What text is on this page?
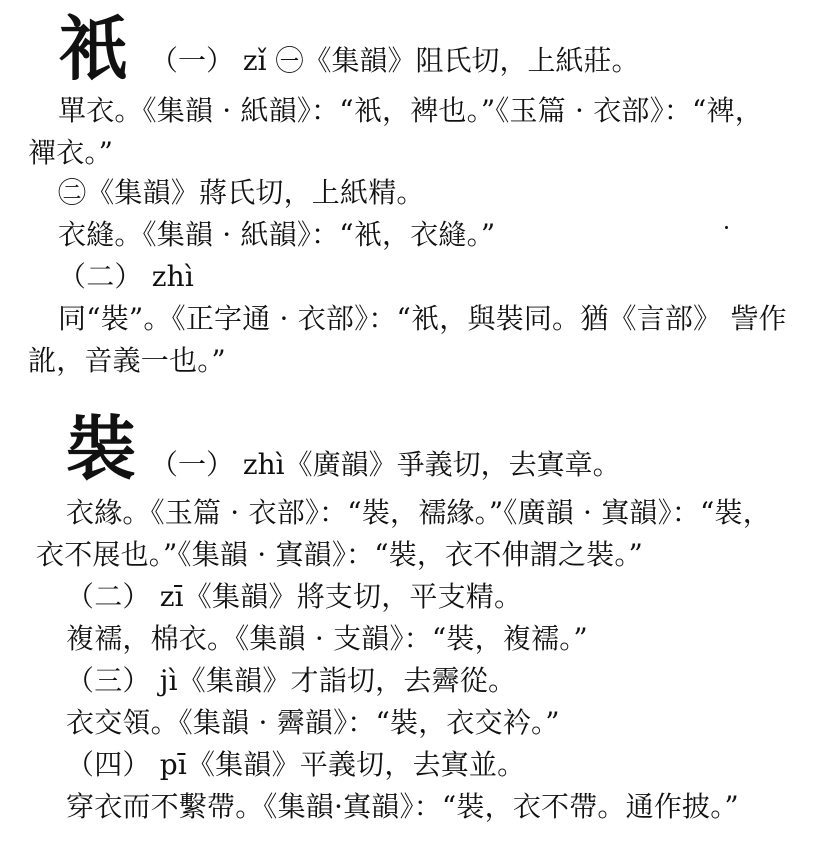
衹 （一） zǐ ㊀《集韻》阻氏切，上紙莊。
單衣。《集韻 · 紙韻》：“衹，裨也。”《玉篇 · 衣部》：“裨，
襌衣。”
㊁《集韻》蔣氏切，上紙精。
衣縫。《集韻 · 紙韻》：“衹，衣縫。”
（二） zhì
同“裝”。《正字通 · 衣部》：“衹，與裝同。猶《言部》 訾作
訛，音義一也。”
裝 （一） zhì《廣韻》爭義切，去寘章。
衣緣。《玉篇 · 衣部》：“裝，襦緣。”《廣韻 · 寘韻》：“裝，
衣不展也。”《集韻 · 寘韻》：“裝，衣不伸謂之裝。”
（二） zī《集韻》將支切，平支精。
複襦，棉衣。《集韻 · 支韻》：“裝，複襦。”
（三） jì《集韻》才詣切，去霽從。
衣交領。《集韻 · 霽韻》：“裝，衣交衿。”
（四） pī《集韻》平義切，去寘並。
穿衣而不繫帶。《集韻·寘韻》：“裝，衣不帶。通作披。”
